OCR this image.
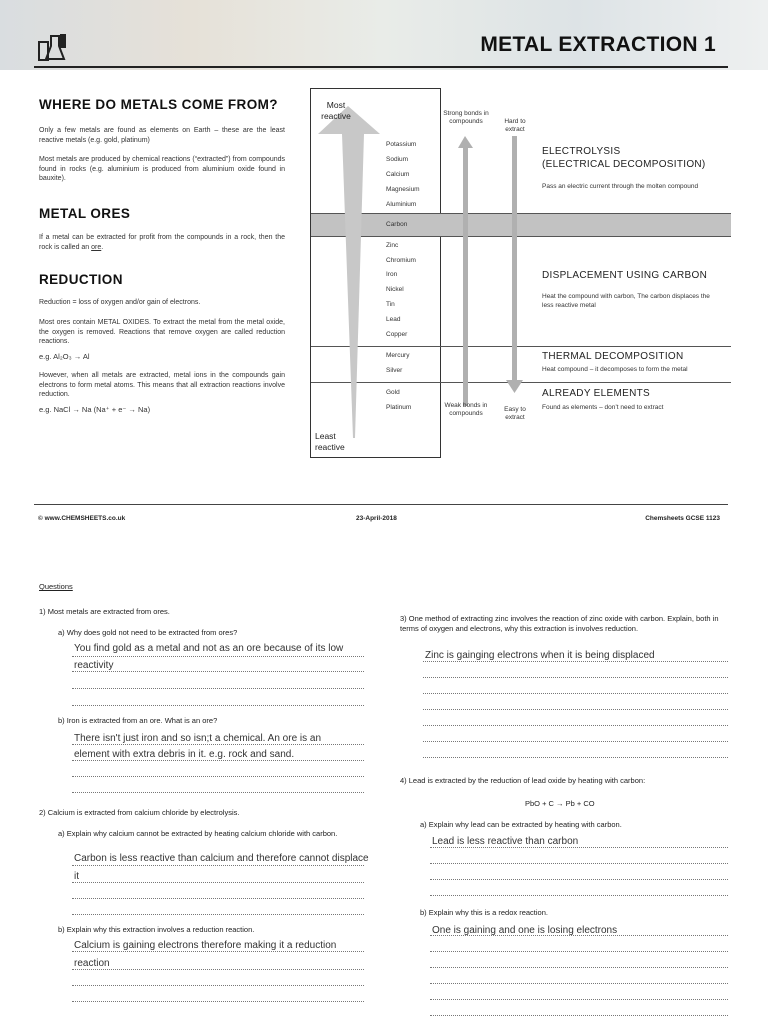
METAL EXTRACTION 1
WHERE DO METALS COME FROM?
Only a few metals are found as elements on Earth – these are the least reactive metals (e.g. gold, platinum)
Most metals are produced by chemical reactions (“extracted”) from compounds found in rocks (e.g. aluminium is produced from aluminium oxide found in bauxite).
METAL ORES
If a metal can be extracted for profit from the compounds in a rock, then the rock is called an ore.
REDUCTION
Reduction = loss of oxygen and/or gain of electrons.
Most ores contain METAL OXIDES. To extract the metal from the metal oxide, the oxygen is removed. Reactions that remove oxygen are called reduction reactions.
e.g. Al₂O₃ → Al
However, when all metals are extracted, metal ions in the compounds gain electrons to form metal atoms. This means that all extraction reactions involve reduction.
e.g. NaCl → Na (Na⁺ + e⁻ → Na)
Most reactive
Least reactive
Strong bonds in compounds	Hard to extract
Weak bonds in compounds
Easy to extract
Potassium
Sodium
Calcium
Magnesium
Aluminium
Carbon
Zinc
Chromium
Iron
Nickel
Tin
Lead
Copper
Mercury
Silver
Gold
Platinum
ELECTROLYSIS
(ELECTRICAL DECOMPOSITION)
Pass an electric current through the molten compound
DISPLACEMENT USING CARBON
Heat the compound with carbon, The carbon displaces the less reactive metal
THERMAL DECOMPOSITION
Heat compound – it decomposes to form the metal
ALREADY ELEMENTS
Found as elements – don’t need to extract
© www.CHEMSHEETS.co.uk	23-April-2018	Chemsheets GCSE 1123
Questions
1) Most metals are extracted from ores.
a) Why does gold not need to be extracted from ores?
You find gold as a metal and not as an ore because of its low
reactivity
b) Iron is extracted from an ore. What is an ore?
There isn't just iron and so isn;t a chemical. An ore is an
element with extra debris in it. e.g. rock and sand.
2) Calcium is extracted from calcium chloride by electrolysis.
a) Explain why calcium cannot be extracted by heating calcium chloride with carbon.
Carbon is less reactive than calcium and therefore cannot displace
it
b) Explain why this extraction involves a reduction reaction.
Calcium is gaining electrons therefore making it a reduction
reaction
3) One method of extracting zinc involves the reaction of zinc oxide with carbon. Explain, both in terms of oxygen and electrons, why this extraction is involves reduction.
Zinc is gainging electrons when it is being displaced
4) Lead is extracted by the reduction of lead oxide by heating with carbon:
PbO + C → Pb + CO
a) Explain why lead can be extracted by heating with carbon.
Lead is less reactive than carbon
b) Explain why this is a redox reaction.
One is gaining and one is losing electrons
